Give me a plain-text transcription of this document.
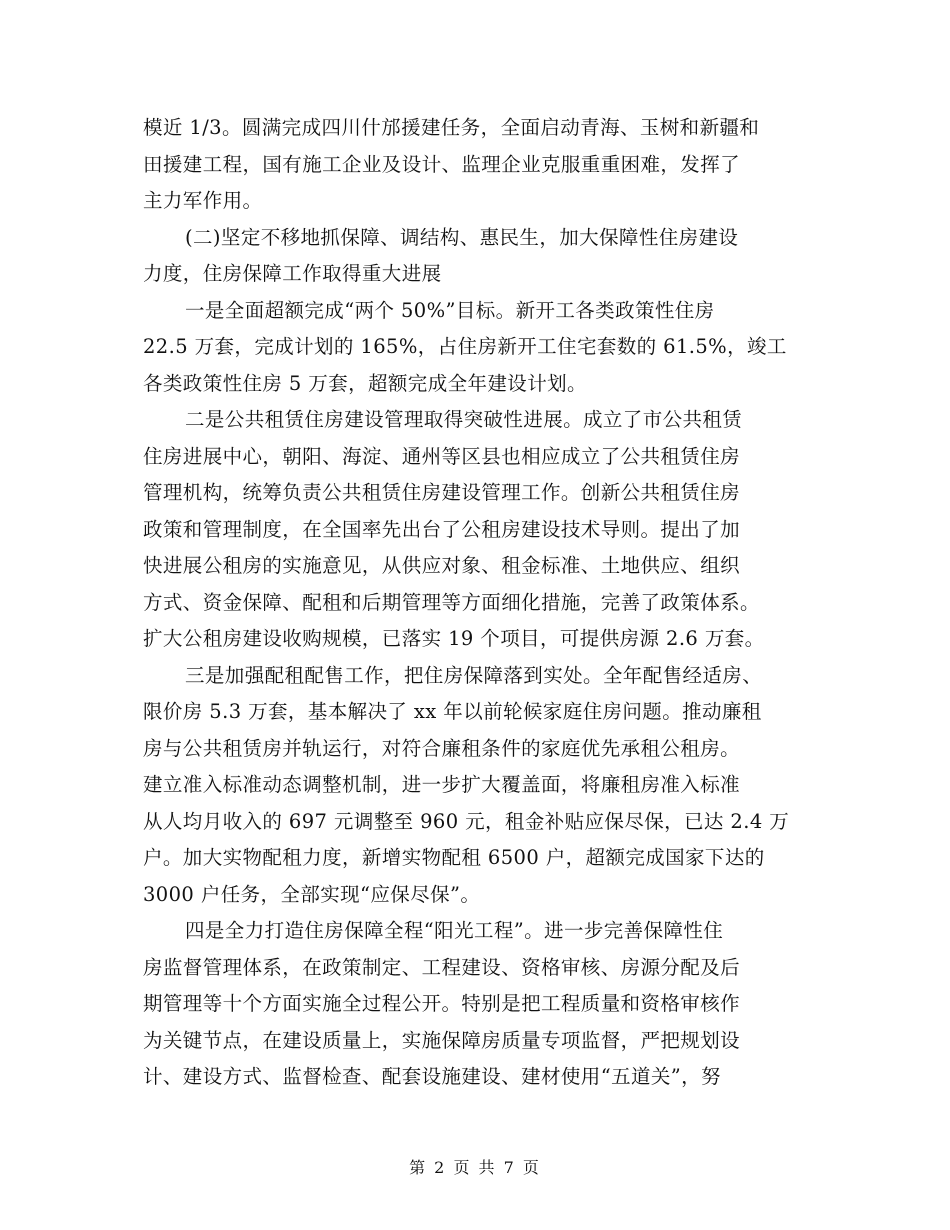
模近 1/3。圆满完成四川什邡援建任务，全面启动青海、玉树和新疆和
田援建工程，国有施工企业及设计、监理企业克服重重困难，发挥了
主力军作用。
(二)坚定不移地抓保障、调结构、惠民生，加大保障性住房建设
力度，住房保障工作取得重大进展
一是全面超额完成“两个 50%”目标。新开工各类政策性住房
22.5 万套，完成计划的 165%，占住房新开工住宅套数的 61.5%，竣工
各类政策性住房 5 万套，超额完成全年建设计划。
二是公共租赁住房建设管理取得突破性进展。成立了市公共租赁
住房进展中心，朝阳、海淀、通州等区县也相应成立了公共租赁住房
管理机构，统筹负责公共租赁住房建设管理工作。创新公共租赁住房
政策和管理制度，在全国率先出台了公租房建设技术导则。提出了加
快进展公租房的实施意见，从供应对象、租金标准、土地供应、组织
方式、资金保障、配租和后期管理等方面细化措施，完善了政策体系。
扩大公租房建设收购规模，已落实 19 个项目，可提供房源 2.6 万套。
三是加强配租配售工作，把住房保障落到实处。全年配售经适房、
限价房 5.3 万套，基本解决了 xx 年以前轮候家庭住房问题。推动廉租
房与公共租赁房并轨运行，对符合廉租条件的家庭优先承租公租房。
建立准入标准动态调整机制，进一步扩大覆盖面，将廉租房准入标准
从人均月收入的 697 元调整至 960 元，租金补贴应保尽保，已达 2.4 万
户。加大实物配租力度，新增实物配租 6500 户，超额完成国家下达的
3000 户任务，全部实现“应保尽保”。
四是全力打造住房保障全程“阳光工程”。进一步完善保障性住
房监督管理体系，在政策制定、工程建设、资格审核、房源分配及后
期管理等十个方面实施全过程公开。特别是把工程质量和资格审核作
为关键节点，在建设质量上，实施保障房质量专项监督，严把规划设
计、建设方式、监督检查、配套设施建设、建材使用“五道关”，努
第 2 页 共 7 页
